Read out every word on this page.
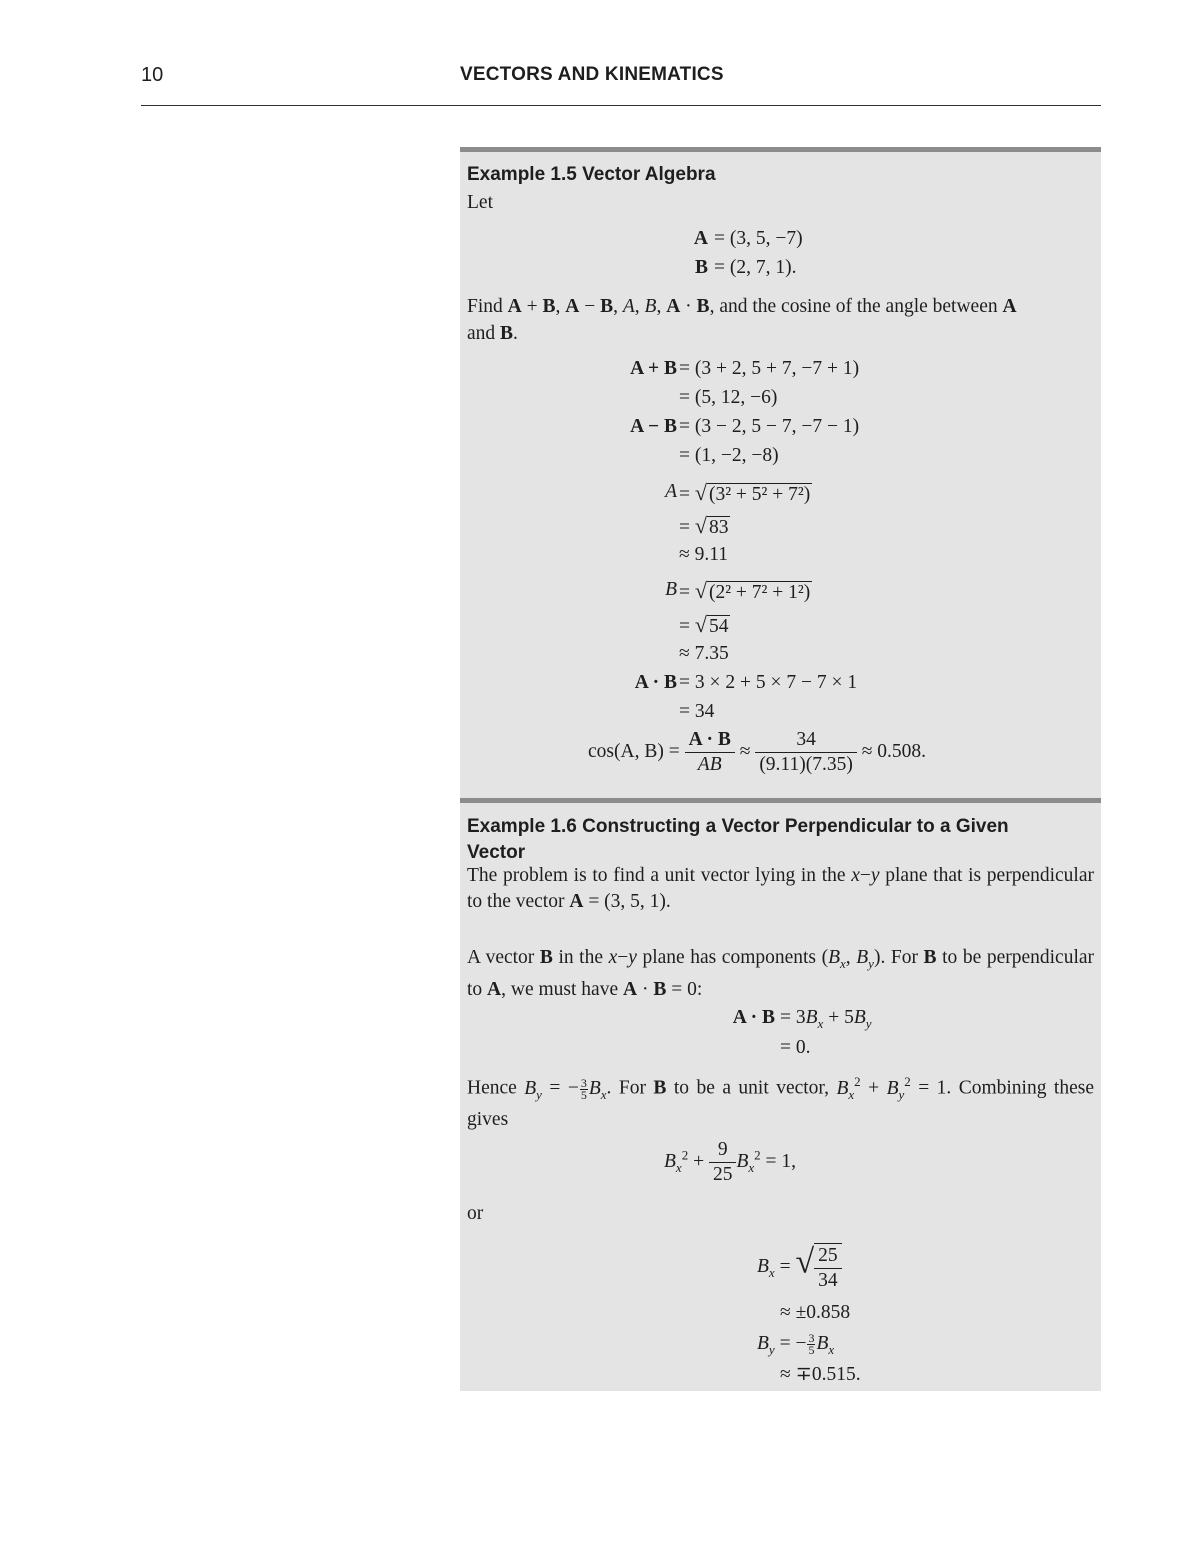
10	VECTORS AND KINEMATICS
Example 1.5 Vector Algebra
Let
A = (3, 5, −7)
B = (2, 7, 1).
Find A + B, A − B, A, B, A · B, and the cosine of the angle between A
and B.
A + B = (3 + 2, 5 + 7, −7 + 1)
= (5, 12, −6)
A − B = (3 − 2, 5 − 7, −7 − 1)
= (1, −2, −8)
A = √ (3² + 5² + 7²)
= √ 83
≈ 9.11
B = √ (2² + 7² + 1²)
= √ 54
≈ 7.35
A · B = 3 × 2 + 5 × 7 − 7 × 1
= 34
cos(A, $B) = \frac{A \cdot B}{AB} \approx \frac{34}{(9.11)(7.35)} \approx 0.508$.
Example 1.6 Constructing a Vector Perpendicular to a Given
Vector
The problem is to find a unit vector lying in the x−y plane that is perpendicular to the vector A = (3, 5, 1).
A vector B in the x−y plane has components ($B_x$, $B_y$). For B to be perpendicular to A, we must have A · B = 0:
$A \cdot B = 3B_x + 5B_y$
= 0.
Hence $B_y$ = − $\frac{3}{5} B_x$. For B to be a unit vector, $B_x^2 + B_y^2 = 1$. Combining these gives
$B_x^2 + \frac{9}{25} B_x^2 = 1$,
or
$B_x$ = √ $\frac{25}{34}$
≈ ±0.858
$B_y$ = − $\frac{3}{5} B_x$
≈ ∓0.515.
